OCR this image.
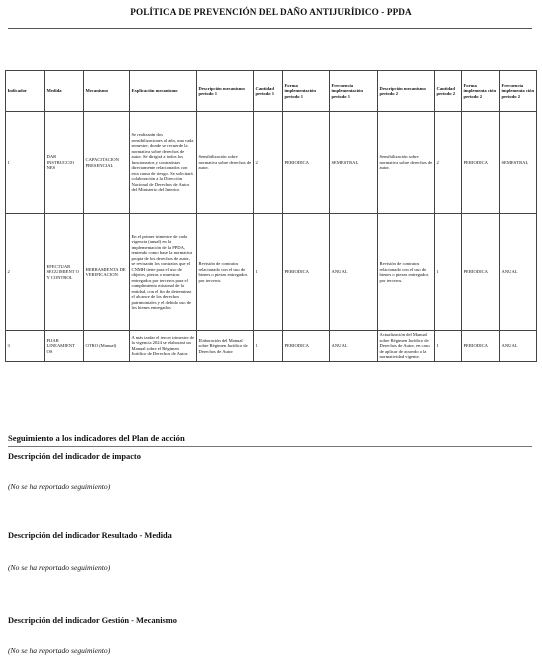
POLÍTICA DE PREVENCIÓN DEL DAÑO ANTIJURÍDICO - PPDA
Indicador	Medida	Mecanismo	Explicación mecanismo	Descripción mecanismo periodo 1	Cantidad periodo 1	Forma implementación periodo 1	Frecuencia implementación periodo 1	Descripción mecanismo periodo 2	Cantidad periodo 2	Forma implementa ción periodo 2	Frecuencia implementa ción periodo 2
1	DAR INSTRUCCIO NES	CAPACITACION PRESENCIAL	Se realizarán dos sensibilizaciones al año, una cada semestre, donde se recuerde la normativa sobre derechos de autor. Se dirigirá a todos los funcionarios y contratistas directamente relacionados con esta causa de riesgo. Se solicitará colaboración a la Dirección Nacional de Derechos de Autor del Ministerio del Interior.	Sensibilización sobre normativa sobre derechos de autor.	2	PERIODICA	SEMESTRAL	Sensibilización sobre normativa sobre derechos de autor.	2	PERIODICA	SEMESTRAL
2	EFECTUAR SEGUIMIENT O Y CONTROL	HERRAMIENTA DE VERIFICACION	En el primer trimestre de cada vigencia (anual) en la implementación de la PPDA, teniendo como base la normativa propia de los derechos de autor, se revisarán los contratos que el CNMH tiene para el uso de objetos, piezas o muestras entregados por terceros para el cumplimiento misional de la entidad, con el fin de determinar el alcance de los derechos patrimoniales y el debido uso de los bienes entregados	Revisión de contratos relacionado con el uso de bienes o piezas entregados por terceros.	1	PERIODICA	ANUAL	Revisión de contratos relacionado con el uso de bienes o piezas entregados por terceros.	1	PERIODICA	ANUAL
3	FIJAR LINEAMIENT OS	OTRO (Manual)	A más tardar el tercer trimestre de la vigencia 2024 se elaborará un Manual sobre el Régimen Jurídico de Derechos de Autor.	Elaboración del Manual sobre Régimen Jurídico de Derechos de Autor	1	PERIODICA	ANUAL	Actualización del Manual sobre Régimen Jurídico de Derechos de Autor, en caso de aplicar de acuerdo a la normatividad vigente.	1	PERIODICA	ANUAL
Seguimiento a los indicadores del Plan de acción
Descripción del indicador de impacto
(No se ha reportado seguimiento)
Descripción del indicador Resultado - Medida
(No se ha reportado seguimiento)
Descripción del indicador Gestión - Mecanismo
(No se ha reportado seguimiento)
